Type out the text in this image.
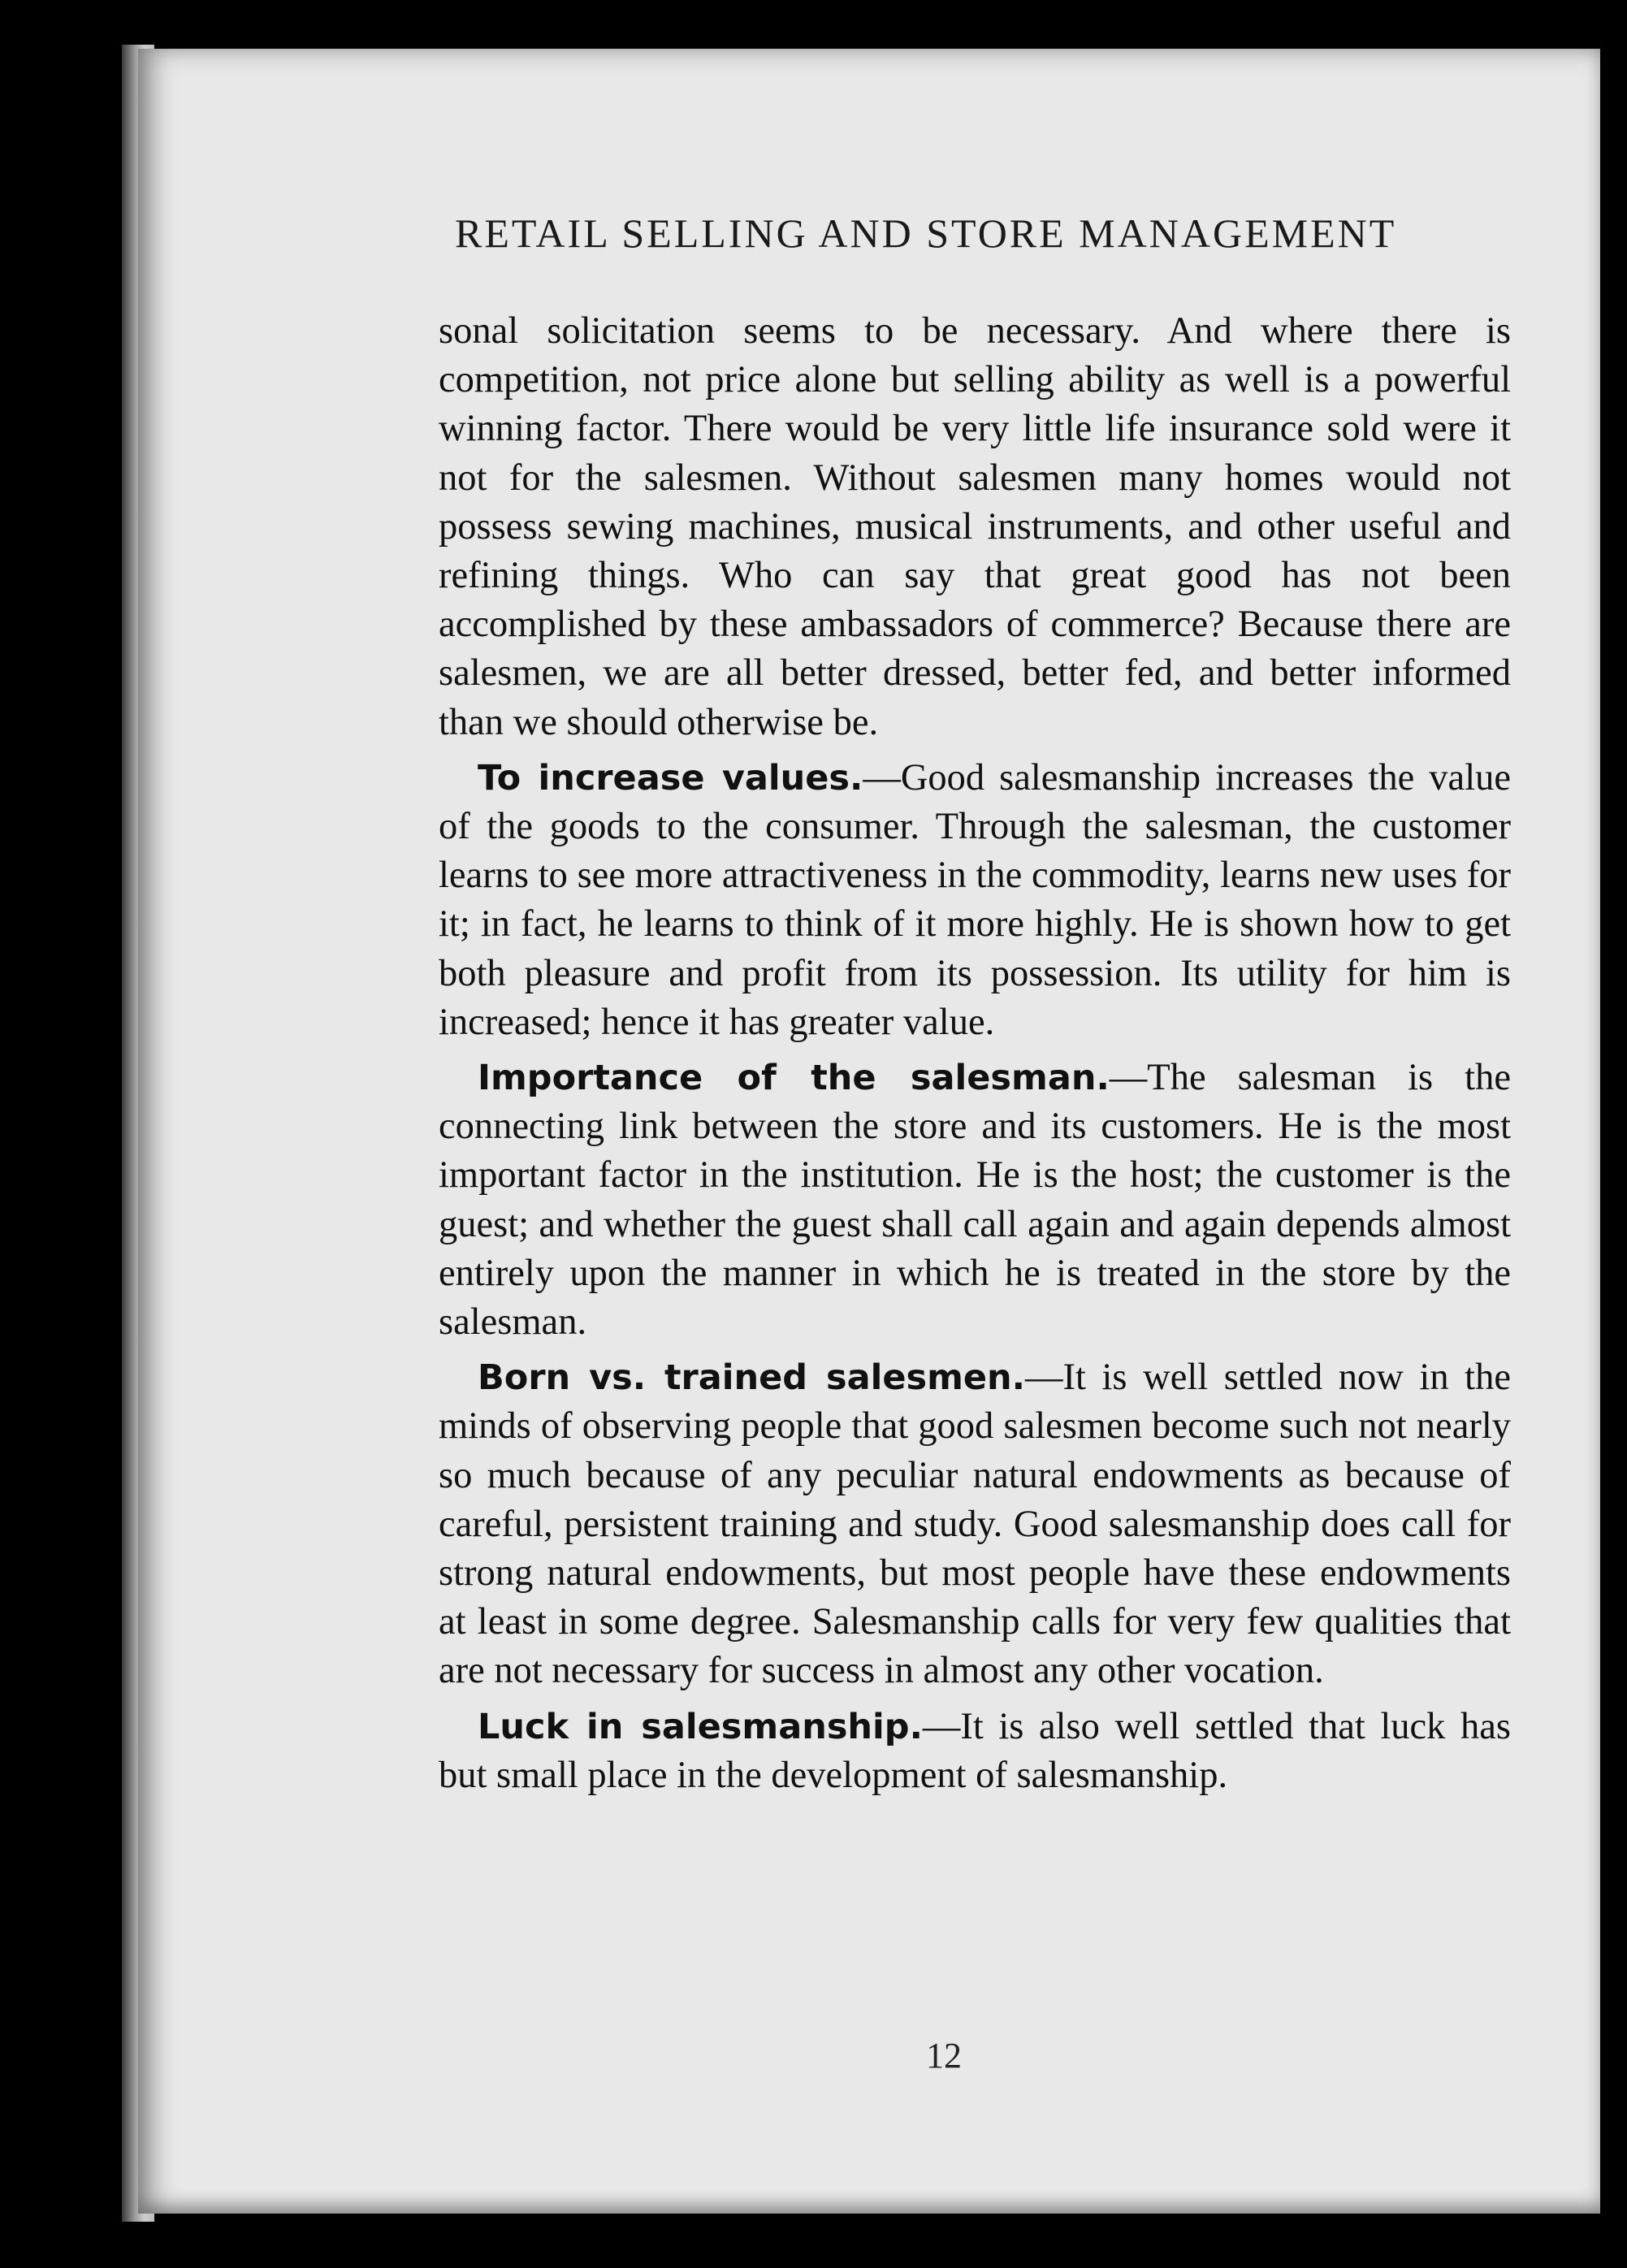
RETAIL SELLING AND STORE MANAGEMENT

sonal solicitation seems to be necessary. And where there is competition, not price alone but selling ability as well is a powerful winning factor. There would be very little life insurance sold were it not for the salesmen. Without salesmen many homes would not possess sewing machines, musical instruments, and other useful and refining things. Who can say that great good has not been accomplished by these ambassadors of commerce? Because there are salesmen, we are all better dressed, better fed, and better informed than we should otherwise be.

To increase values.—Good salesmanship increases the value of the goods to the consumer. Through the salesman, the customer learns to see more attractiveness in the commodity, learns new uses for it; in fact, he learns to think of it more highly. He is shown how to get both pleasure and profit from its possession. Its utility for him is increased; hence it has greater value.

Importance of the salesman.—The salesman is the connecting link between the store and its customers. He is the most important factor in the institution. He is the host; the customer is the guest; and whether the guest shall call again and again depends almost entirely upon the manner in which he is treated in the store by the salesman.

Born vs. trained salesmen.—It is well settled now in the minds of observing people that good salesmen become such not nearly so much because of any peculiar natural endowments as because of careful, persistent training and study. Good salesmanship does call for strong natural endowments, but most people have these endowments at least in some degree. Salesmanship calls for very few qualities that are not necessary for success in almost any other vocation.

Luck in salesmanship.—It is also well settled that luck has but small place in the development of salesmanship.

12
